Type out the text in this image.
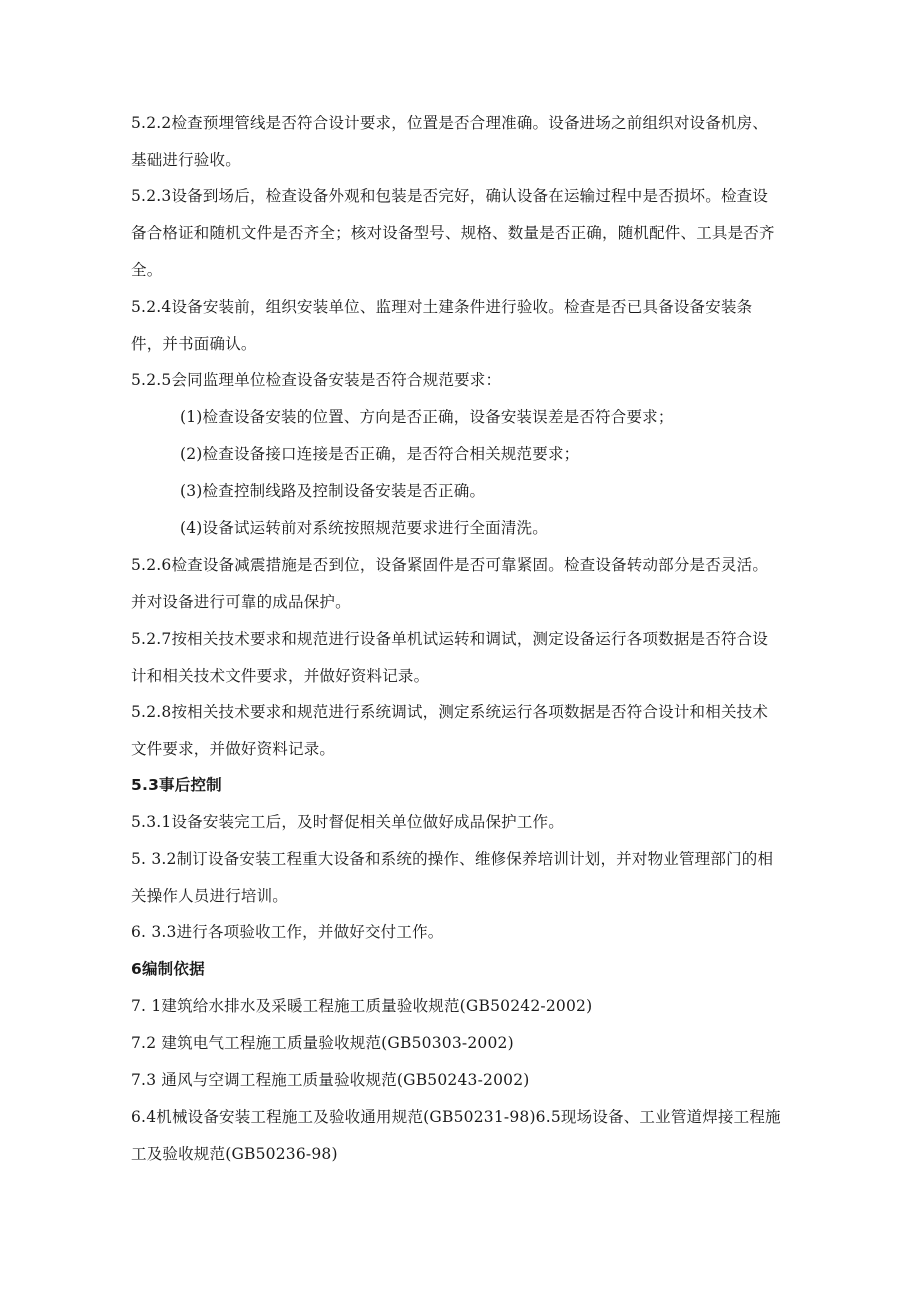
5.2.2检查预埋管线是否符合设计要求，位置是否合理准确。设备进场之前组织对设备机房、基础进行验收。

5.2.3设备到场后，检查设备外观和包装是否完好，确认设备在运输过程中是否损坏。检查设备合格证和随机文件是否齐全；核对设备型号、规格、数量是否正确，随机配件、工具是否齐全。

5.2.4设备安装前，组织安装单位、监理对土建条件进行验收。检查是否已具备设备安装条件，并书面确认。

5.2.5会同监理单位检查设备安装是否符合规范要求：

(1)检查设备安装的位置、方向是否正确，设备安装误差是否符合要求；

(2)检查设备接口连接是否正确，是否符合相关规范要求；

(3)检查控制线路及控制设备安装是否正确。

(4)设备试运转前对系统按照规范要求进行全面清洗。

5.2.6检查设备减震措施是否到位，设备紧固件是否可靠紧固。检查设备转动部分是否灵活。并对设备进行可靠的成品保护。

5.2.7按相关技术要求和规范进行设备单机试运转和调试，测定设备运行各项数据是否符合设计和相关技术文件要求，并做好资料记录。

5.2.8按相关技术要求和规范进行系统调试，测定系统运行各项数据是否符合设计和相关技术文件要求，并做好资料记录。

5.3事后控制

5.3.1设备安装完工后，及时督促相关单位做好成品保护工作。

5. 3.2制订设备安装工程重大设备和系统的操作、维修保养培训计划，并对物业管理部门的相关操作人员进行培训。

6. 3.3进行各项验收工作，并做好交付工作。

6编制依据

7. 1建筑给水排水及采暖工程施工质量验收规范(GB50242-2002)

7.2 建筑电气工程施工质量验收规范(GB50303-2002)

7.3 通风与空调工程施工质量验收规范(GB50243-2002)

6.4机械设备安装工程施工及验收通用规范(GB50231-98)6.5现场设备、工业管道焊接工程施工及验收规范(GB50236-98)
